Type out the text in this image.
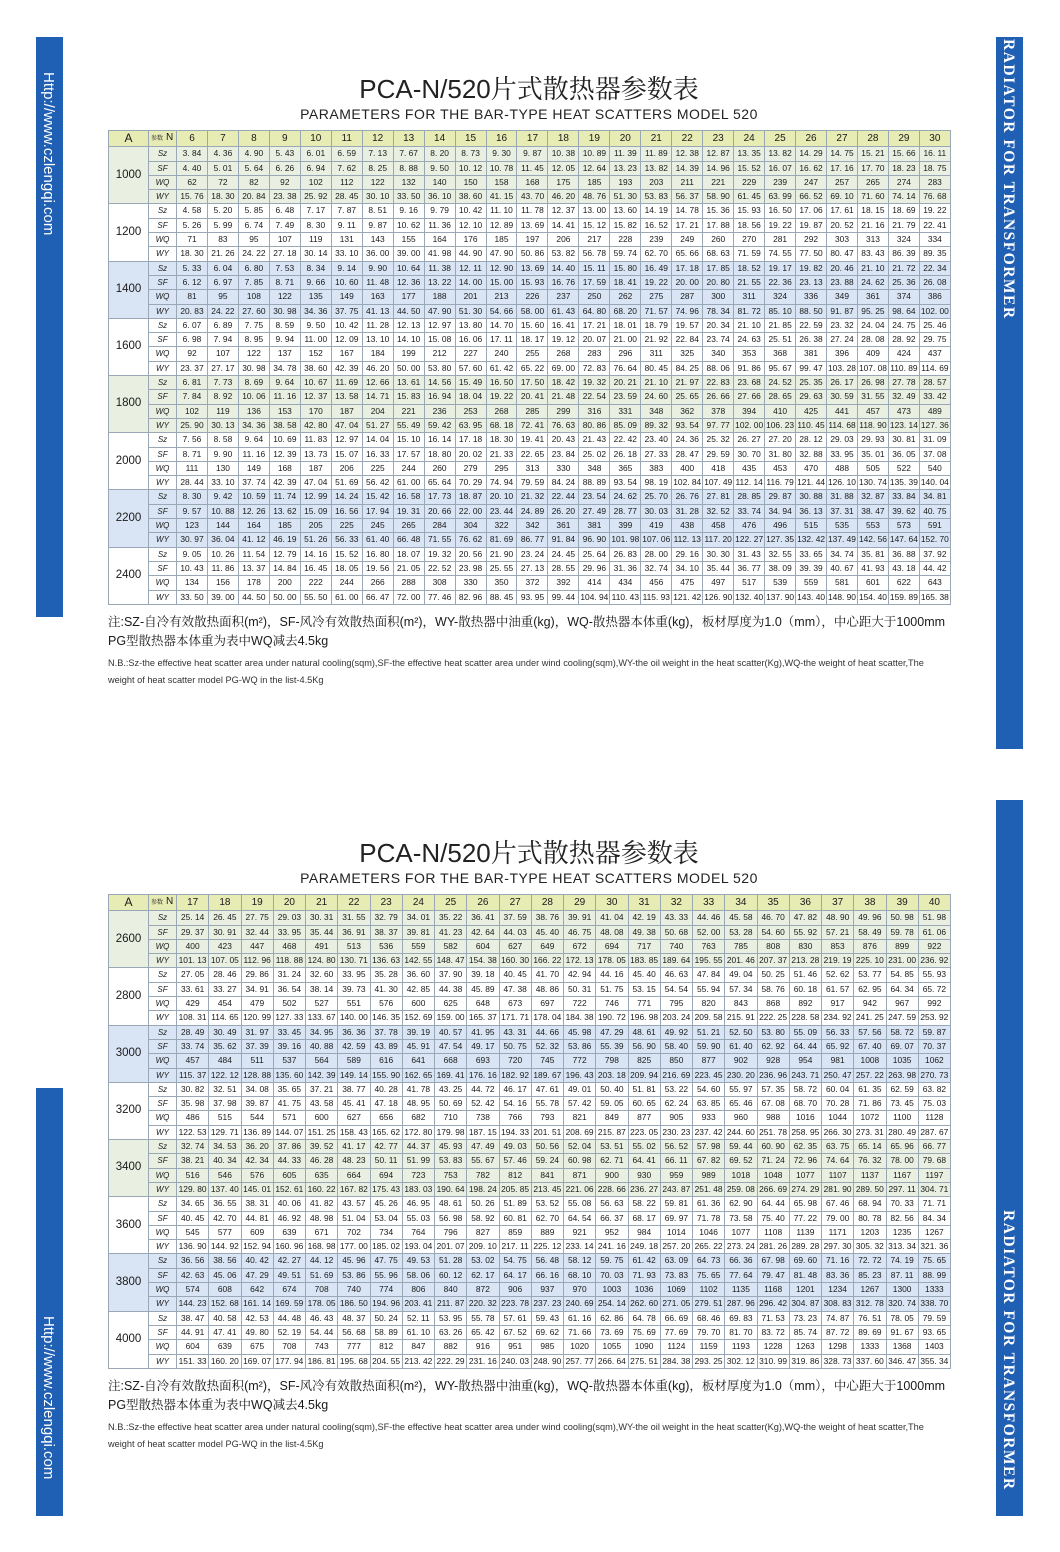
Http://www.czlengqi.com	RADIATOR FOR TRANSFORMER
Http://www.czlengqi.com	RADIATOR FOR TRANSFORMER
PCA-N/520片式散热器参数表
PARAMETERS FOR THE BAR-TYPE HEAT SCATTERS MODEL 520
A	参数 N	6	7	8	9	10	11	12	13	14	15	16	17	18	19	20	21	22	23	24	25	26	27	28	29	30
1000	Sz	3. 84	4. 36	4. 90	5. 43	6. 01	6. 59	7. 13	7. 67	8. 20	8. 73	9. 30	9. 87	10. 38	10. 89	11. 39	11. 89	12. 38	12. 87	13. 35	13. 82	14. 29	14. 75	15. 21	15. 66	16. 11
	SF	4. 40	5. 01	5. 64	6. 26	6. 94	7. 62	8. 25	8. 88	9. 50	10. 12	10. 78	11. 45	12. 05	12. 64	13. 23	13. 82	14. 39	14. 96	15. 52	16. 07	16. 62	17. 16	17. 70	18. 23	18. 75
	WQ	62	72	82	92	102	112	122	132	140	150	158	168	175	185	193	203	211	221	229	239	247	257	265	274	283
	WY	15. 76	18. 30	20. 84	23. 38	25. 92	28. 45	30. 10	33. 50	36. 10	38. 60	41. 15	43. 70	46. 20	48. 76	51. 30	53. 83	56. 37	58. 90	61. 45	63. 99	66. 52	69. 10	71. 60	74. 14	76. 68
1200	Sz	4. 58	5. 20	5. 85	6. 48	7. 17	7. 87	8. 51	9. 16	9. 79	10. 42	11. 10	11. 78	12. 37	13. 00	13. 60	14. 19	14. 78	15. 36	15. 93	16. 50	17. 06	17. 61	18. 15	18. 69	19. 22
	SF	5. 26	5. 99	6. 74	7. 49	8. 30	9. 11	9. 87	10. 62	11. 36	12. 10	12. 89	13. 69	14. 41	15. 12	15. 82	16. 52	17. 21	17. 88	18. 56	19. 22	19. 87	20. 52	21. 16	21. 79	22. 41
	WQ	71	83	95	107	119	131	143	155	164	176	185	197	206	217	228	239	249	260	270	281	292	303	313	324	334
	WY	18. 30	21. 26	24. 22	27. 18	30. 14	33. 10	36. 00	39. 00	41. 98	44. 90	47. 90	50. 86	53. 82	56. 78	59. 74	62. 70	65. 66	68. 63	71. 59	74. 55	77. 50	80. 47	83. 43	86. 39	89. 35
1400	Sz	5. 33	6. 04	6. 80	7. 53	8. 34	9. 14	9. 90	10. 64	11. 38	12. 11	12. 90	13. 69	14. 40	15. 11	15. 80	16. 49	17. 18	17. 85	18. 52	19. 17	19. 82	20. 46	21. 10	21. 72	22. 34
	SF	6. 12	6. 97	7. 85	8. 71	9. 66	10. 60	11. 48	12. 36	13. 22	14. 00	15. 00	15. 93	16. 76	17. 59	18. 41	19. 22	20. 00	20. 80	21. 55	22. 36	23. 13	23. 88	24. 62	25. 36	26. 08
	WQ	81	95	108	122	135	149	163	177	188	201	213	226	237	250	262	275	287	300	311	324	336	349	361	374	386
	WY	20. 83	24. 22	27. 60	30. 98	34. 36	37. 75	41. 13	44. 50	47. 90	51. 30	54. 66	58. 00	61. 43	64. 80	68. 20	71. 57	74. 96	78. 34	81. 72	85. 10	88. 50	91. 87	95. 25	98. 64	102. 00
1600	Sz	6. 07	6. 89	7. 75	8. 59	9. 50	10. 42	11. 28	12. 13	12. 97	13. 80	14. 70	15. 60	16. 41	17. 21	18. 01	18. 79	19. 57	20. 34	21. 10	21. 85	22. 59	23. 32	24. 04	24. 75	25. 46
	SF	6. 98	7. 94	8. 95	9. 94	11. 00	12. 09	13. 10	14. 10	15. 08	16. 06	17. 11	18. 17	19. 12	20. 07	21. 00	21. 92	22. 84	23. 74	24. 63	25. 51	26. 38	27. 24	28. 08	28. 92	29. 75
	WQ	92	107	122	137	152	167	184	199	212	227	240	255	268	283	296	311	325	340	353	368	381	396	409	424	437
	WY	23. 37	27. 17	30. 98	34. 78	38. 60	42. 39	46. 20	50. 00	53. 80	57. 60	61. 42	65. 22	69. 00	72. 83	76. 64	80. 45	84. 25	88. 06	91. 86	95. 67	99. 47	103. 28	107. 08	110. 89	114. 69
1800	Sz	6. 81	7. 73	8. 69	9. 64	10. 67	11. 69	12. 66	13. 61	14. 56	15. 49	16. 50	17. 50	18. 42	19. 32	20. 21	21. 10	21. 97	22. 83	23. 68	24. 52	25. 35	26. 17	26. 98	27. 78	28. 57
	SF	7. 84	8. 92	10. 06	11. 16	12. 37	13. 58	14. 71	15. 83	16. 94	18. 04	19. 22	20. 41	21. 48	22. 54	23. 59	24. 60	25. 65	26. 66	27. 66	28. 65	29. 63	30. 59	31. 55	32. 49	33. 42
	WQ	102	119	136	153	170	187	204	221	236	253	268	285	299	316	331	348	362	378	394	410	425	441	457	473	489
	WY	25. 90	30. 13	34. 36	38. 58	42. 80	47. 04	51. 27	55. 49	59. 42	63. 95	68. 18	72. 41	76. 63	80. 86	85. 09	89. 32	93. 54	97. 77	102. 00	106. 23	110. 45	114. 68	118. 90	123. 14	127. 36
2000	Sz	7. 56	8. 58	9. 64	10. 69	11. 83	12. 97	14. 04	15. 10	16. 14	17. 18	18. 30	19. 41	20. 43	21. 43	22. 42	23. 40	24. 36	25. 32	26. 27	27. 20	28. 12	29. 03	29. 93	30. 81	31. 09
	SF	8. 71	9. 90	11. 16	12. 39	13. 73	15. 07	16. 33	17. 57	18. 80	20. 02	21. 33	22. 65	23. 84	25. 02	26. 18	27. 33	28. 47	29. 59	30. 70	31. 80	32. 88	33. 95	35. 01	36. 05	37. 08
	WQ	111	130	149	168	187	206	225	244	260	279	295	313	330	348	365	383	400	418	435	453	470	488	505	522	540
	WY	28. 44	33. 10	37. 74	42. 39	47. 04	51. 69	56. 42	61. 00	65. 64	70. 29	74. 94	79. 59	84. 24	88. 89	93. 54	98. 19	102. 84	107. 49	112. 14	116. 79	121. 44	126. 10	130. 74	135. 39	140. 04
2200	Sz	8. 30	9. 42	10. 59	11. 74	12. 99	14. 24	15. 42	16. 58	17. 73	18. 87	20. 10	21. 32	22. 44	23. 54	24. 62	25. 70	26. 76	27. 81	28. 85	29. 87	30. 88	31. 88	32. 87	33. 84	34. 81
	SF	9. 57	10. 88	12. 26	13. 62	15. 09	16. 56	17. 94	19. 31	20. 66	22. 00	23. 44	24. 89	26. 20	27. 49	28. 77	30. 03	31. 28	32. 52	33. 74	34. 94	36. 13	37. 31	38. 47	39. 62	40. 75
	WQ	123	144	164	185	205	225	245	265	284	304	322	342	361	381	399	419	438	458	476	496	515	535	553	573	591
	WY	30. 97	36. 04	41. 12	46. 19	51. 26	56. 33	61. 40	66. 48	71. 55	76. 62	81. 69	86. 77	91. 84	96. 90	101. 98	107. 06	112. 13	117. 20	122. 27	127. 35	132. 42	137. 49	142. 56	147. 64	152. 70
2400	Sz	9. 05	10. 26	11. 54	12. 79	14. 16	15. 52	16. 80	18. 07	19. 32	20. 56	21. 90	23. 24	24. 45	25. 64	26. 83	28. 00	29. 16	30. 30	31. 43	32. 55	33. 65	34. 74	35. 81	36. 88	37. 92
	SF	10. 43	11. 86	13. 37	14. 84	16. 45	18. 05	19. 56	21. 05	22. 52	23. 98	25. 55	27. 13	28. 55	29. 96	31. 36	32. 74	34. 10	35. 44	36. 77	38. 09	39. 39	40. 67	41. 93	43. 18	44. 42
	WQ	134	156	178	200	222	244	266	288	308	330	350	372	392	414	434	456	475	497	517	539	559	581	601	622	643
	WY	33. 50	39. 00	44. 50	50. 00	55. 50	61. 00	66. 47	72. 00	77. 46	82. 96	88. 45	93. 95	99. 44	104. 94	110. 43	115. 93	121. 42	126. 90	132. 40	137. 90	143. 40	148. 90	154. 40	159. 89	165. 38
注:SZ-自冷有效散热面积(m²)，SF-风冷有效散热面积(m²)，WY-散热器中油重(kg)，WQ-散热器本体重(kg)，板材厚度为1.0（mm），中心距大于1000mm PG型散热器本体重为表中WQ减去4.5kg
N.B.:Sz-the effective heat scatter area under natural cooling(sqm),SF-the effective heat scatter area under wind cooling(sqm),WY-the oil weight in the heat scatter(Kg),WQ-the weight of heat scatter,The weight of heat scatter model PG-WQ in the list-4.5Kg
PCA-N/520片式散热器参数表
PARAMETERS FOR THE BAR-TYPE HEAT SCATTERS MODEL 520
A	参数 N	17	18	19	20	21	22	23	24	25	26	27	28	29	30	31	32	33	34	35	36	37	38	39	40
2600	Sz	25. 14	26. 45	27. 75	29. 03	30. 31	31. 55	32. 79	34. 01	35. 22	36. 41	37. 59	38. 76	39. 91	41. 04	42. 19	43. 33	44. 46	45. 58	46. 70	47. 82	48. 90	49. 96	50. 98	51. 98
	SF	29. 37	30. 91	32. 44	33. 95	35. 44	36. 91	38. 37	39. 81	41. 23	42. 64	44. 03	45. 40	46. 75	48. 08	49. 38	50. 68	52. 00	53. 28	54. 60	55. 92	57. 21	58. 49	59. 78	61. 06
	WQ	400	423	447	468	491	513	536	559	582	604	627	649	672	694	717	740	763	785	808	830	853	876	899	922
	WY	101. 13	107. 05	112. 96	118. 88	124. 80	130. 71	136. 63	142. 55	148. 47	154. 38	160. 30	166. 22	172. 13	178. 05	183. 85	189. 64	195. 55	201. 46	207. 37	213. 28	219. 19	225. 10	231. 00	236. 92
2800	Sz	27. 05	28. 46	29. 86	31. 24	32. 60	33. 95	35. 28	36. 60	37. 90	39. 18	40. 45	41. 70	42. 94	44. 16	45. 40	46. 63	47. 84	49. 04	50. 25	51. 46	52. 62	53. 77	54. 85	55. 93
	SF	33. 61	33. 27	34. 91	36. 54	38. 14	39. 73	41. 30	42. 85	44. 38	45. 89	47. 38	48. 86	50. 31	51. 75	53. 15	54. 54	55. 94	57. 34	58. 76	60. 18	61. 57	62. 95	64. 34	65. 72
	WQ	429	454	479	502	527	551	576	600	625	648	673	697	722	746	771	795	820	843	868	892	917	942	967	992
	WY	108. 31	114. 65	120. 99	127. 33	133. 67	140. 00	146. 35	152. 69	159. 00	165. 37	171. 71	178. 04	184. 38	190. 72	196. 98	203. 24	209. 58	215. 91	222. 25	228. 58	234. 92	241. 25	247. 59	253. 92
3000	Sz	28. 49	30. 49	31. 97	33. 45	34. 95	36. 36	37. 78	39. 19	40. 57	41. 95	43. 31	44. 66	45. 98	47. 29	48. 61	49. 92	51. 21	52. 50	53. 80	55. 09	56. 33	57. 56	58. 72	59. 87
	SF	33. 74	35. 62	37. 39	39. 16	40. 88	42. 59	43. 89	45. 91	47. 54	49. 17	50. 75	52. 32	53. 86	55. 39	56. 90	58. 40	59. 90	61. 40	62. 92	64. 44	65. 92	67. 40	69. 07	70. 37
	WQ	457	484	511	537	564	589	616	641	668	693	720	745	772	798	825	850	877	902	928	954	981	1008	1035	1062
	WY	115. 37	122. 12	128. 88	135. 60	142. 39	149. 14	155. 90	162. 65	169. 41	176. 16	182. 92	189. 67	196. 43	203. 18	209. 94	216. 69	223. 45	230. 20	236. 96	243. 71	250. 47	257. 22	263. 98	270. 73
3200	Sz	30. 82	32. 51	34. 08	35. 65	37. 21	38. 77	40. 28	41. 78	43. 25	44. 72	46. 17	47. 61	49. 01	50. 40	51. 81	53. 22	54. 60	55. 97	57. 35	58. 72	60. 04	61. 35	62. 59	63. 82
	SF	35. 98	37. 98	39. 87	41. 75	43. 58	45. 41	47. 18	48. 95	50. 69	52. 42	54. 16	55. 78	57. 42	59. 05	60. 65	62. 24	63. 85	65. 46	67. 08	68. 70	70. 28	71. 86	73. 45	75. 03
	WQ	486	515	544	571	600	627	656	682	710	738	766	793	821	849	877	905	933	960	988	1016	1044	1072	1100	1128
	WY	122. 53	129. 71	136. 89	144. 07	151. 25	158. 43	165. 62	172. 80	179. 98	187. 15	194. 33	201. 51	208. 69	215. 87	223. 05	230. 23	237. 42	244. 60	251. 78	258. 95	266. 30	273. 31	280. 49	287. 67
3400	Sz	32. 74	34. 53	36. 20	37. 86	39. 52	41. 17	42. 77	44. 37	45. 93	47. 49	49. 03	50. 56	52. 04	53. 51	55. 02	56. 52	57. 98	59. 44	60. 90	62. 35	63. 75	65. 14	65. 96	66. 77
	SF	38. 21	40. 34	42. 34	44. 33	46. 28	48. 23	50. 11	51. 99	53. 83	55. 67	57. 46	59. 24	60. 98	62. 71	64. 41	66. 11	67. 82	69. 52	71. 24	72. 96	74. 64	76. 32	78. 00	79. 68
	WQ	516	546	576	605	635	664	694	723	753	782	812	841	871	900	930	959	989	1018	1048	1077	1107	1137	1167	1197
	WY	129. 80	137. 40	145. 01	152. 61	160. 22	167. 82	175. 43	183. 03	190. 64	198. 24	205. 85	213. 45	221. 06	228. 66	236. 27	243. 87	251. 48	259. 08	266. 69	274. 29	281. 90	289. 50	297. 11	304. 71
3600	Sz	34. 65	36. 55	38. 31	40. 06	41. 82	43. 57	45. 26	46. 95	48. 61	50. 26	51. 89	53. 52	55. 08	56. 63	58. 22	59. 81	61. 36	62. 90	64. 44	65. 98	67. 46	68. 94	70. 33	71. 71
	SF	40. 45	42. 70	44. 81	46. 92	48. 98	51. 04	53. 04	55. 03	56. 98	58. 92	60. 81	62. 70	64. 54	66. 37	68. 17	69. 97	71. 78	73. 58	75. 40	77. 22	79. 00	80. 78	82. 56	84. 34
	WQ	545	577	609	639	671	702	734	764	796	827	859	889	921	952	984	1014	1046	1077	1108	1139	1171	1203	1235	1267
	WY	136. 90	144. 92	152. 94	160. 96	168. 98	177. 00	185. 02	193. 04	201. 07	209. 10	217. 11	225. 12	233. 14	241. 16	249. 18	257. 20	265. 22	273. 24	281. 26	289. 28	297. 30	305. 32	313. 34	321. 36
3800	Sz	36. 56	38. 56	40. 42	42. 27	44. 12	45. 96	47. 75	49. 53	51. 28	53. 02	54. 75	56. 48	58. 12	59. 75	61. 42	63. 09	64. 73	66. 36	67. 98	69. 60	71. 16	72. 72	74. 19	75. 65
	SF	42. 63	45. 06	47. 29	49. 51	51. 69	53. 86	55. 96	58. 06	60. 12	62. 17	64. 17	66. 16	68. 10	70. 03	71. 93	73. 83	75. 65	77. 64	79. 47	81. 48	83. 36	85. 23	87. 11	88. 99
	WQ	574	608	642	674	708	740	774	806	840	872	906	937	970	1003	1036	1069	1102	1135	1168	1201	1234	1267	1300	1333
	WY	144. 23	152. 68	161. 14	169. 59	178. 05	186. 50	194. 96	203. 41	211. 87	220. 32	223. 78	237. 23	240. 69	254. 14	262. 60	271. 05	279. 51	287. 96	296. 42	304. 87	308. 83	312. 78	320. 74	338. 70
4000	Sz	38. 47	40. 58	42. 53	44. 48	46. 43	48. 37	50. 24	52. 11	53. 95	55. 78	57. 61	59. 43	61. 16	62. 86	64. 78	66. 69	68. 46	69. 83	71. 53	73. 23	74. 87	76. 51	78. 05	79. 59
	SF	44. 91	47. 41	49. 80	52. 19	54. 44	56. 68	58. 89	61. 10	63. 26	65. 42	67. 52	69. 62	71. 66	73. 69	75. 69	77. 69	79. 70	81. 70	83. 72	85. 74	87. 72	89. 69	91. 67	93. 65
	WQ	604	639	675	708	743	777	812	847	882	916	951	985	1020	1055	1090	1124	1159	1193	1228	1263	1298	1333	1368	1403
	WY	151. 33	160. 20	169. 07	177. 94	186. 81	195. 68	204. 55	213. 42	222. 29	231. 16	240. 03	248. 90	257. 77	266. 64	275. 51	284. 38	293. 25	302. 12	310. 99	319. 86	328. 73	337. 60	346. 47	355. 34
注:SZ-自冷有效散热面积(m²)，SF-风冷有效散热面积(m²)，WY-散热器中油重(kg)，WQ-散热器本体重(kg)，板材厚度为1.0（mm），中心距大于1000mm PG型散热器本体重为表中WQ减去4.5kg
N.B.:Sz-the effective heat scatter area under natural cooling(sqm),SF-the effective heat scatter area under wind cooling(sqm),WY-the oil weight in the heat scatter(Kg),WQ-the weight of heat scatter,The weight of heat scatter model PG-WQ in the list-4.5Kg
